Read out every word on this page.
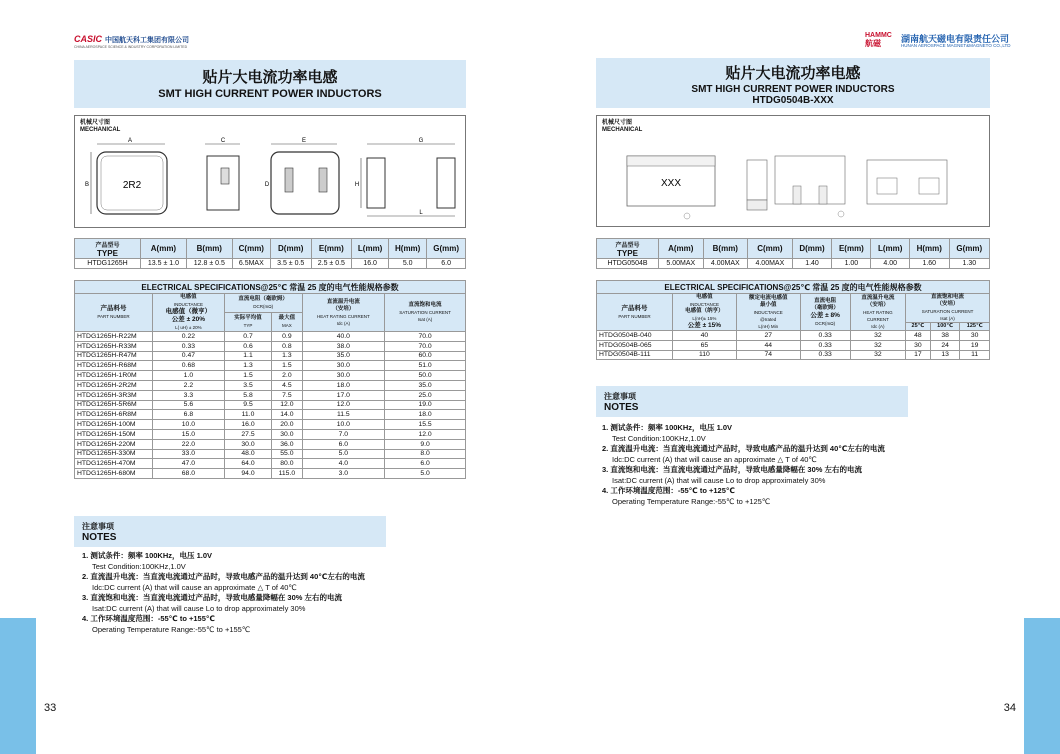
CASIC 中国航天科工集团有限公司
CHINA AEROSPACE SCIENCE & INDUSTRY CORPORATION LIMITED
贴片大电流功率电感
SMT HIGH CURRENT POWER INDUCTORS
机械尺寸图
MECHANICAL
A
2R2
B
C	E
D
G
H
L
产品型号
TYPE	A(mm)	B(mm)	C(mm)	D(mm)	E(mm)	L(mm)	H(mm)	G(mm)
HTDG1265H	13.5 ± 1.0	12.8 ± 0.5	6.5MAX	3.5 ± 0.5	2.5 ± 0.5	16.0	5.0	6.0
ELECTRICAL SPECIFICATIONS@25℃ 常温 25 度的电气性能规格参数					
产品料号

PART NUMBER	电感值
INDUCTANCE
电感值（微亨）
公差 ± 20%
L( uH) ± 20%	直流电阻（毫欧姆）
DCR(mΩ)		直流温升电流
（安培）
HEAT RATING CURRENT
Idc (A)	直流饱和电流
SATURATION CURRENT
Isat (A)

		实际平均值
TYP	最大值
MAX		

HTDG1265H-R22M	0.22	0.7	0.9	40.0	70.0
HTDG1265H-R33M	0.33	0.6	0.8	38.0	70.0
HTDG1265H-R47M	0.47	1.1	1.3	35.0	60.0
HTDG1265H-R68M	0.68	1.3	1.5	30.0	51.0
HTDG1265H-1R0M	1.0	1.5	2.0	30.0	50.0
HTDG1265H-2R2M	2.2	3.5	4.5	18.0	35.0
HTDG1265H-3R3M	3.3	5.8	7.5	17.0	25.0
HTDG1265H-5R6M	5.6	9.5	12.0	12.0	19.0
HTDG1265H-6R8M	6.8	11.0	14.0	11.5	18.0
HTDG1265H-100M	10.0	16.0	20.0	10.0	15.5
HTDG1265H-150M	15.0	27.5	30.0	7.0	12.0
HTDG1265H-220M	22.0	30.0	36.0	6.0	9.0
HTDG1265H-330M	33.0	48.0	55.0	5.0	8.0
HTDG1265H-470M	47.0	64.0	80.0	4.0	6.0
HTDG1265H-680M	68.0	94.0	115.0	3.0	5.0
注意事项
NOTES
1. 测试条件：频率 100KHz，电压 1.0V
Test Condition:100KHz,1.0V
2. 直流温升电流：当直流电流通过产品时，导致电感产品的温升达到 40℃左右的电流
Idc:DC current (A) that will cause an approximate △ T of 40℃
3. 直流饱和电流：当直流电流通过产品时，导致电感量降幅在 30% 左右的电流
Isat:DC current (A) that will cause Lo to drop approximately 30%
4. 工作环境温度范围：-55℃ to +155℃
Operating Temperature Range:-55℃ to +155℃
33
HAMMC
航磁	湖南航天磁电有限责任公司
HUNAN AEROSPACE MAGNET&MAGNETO CO.,LTD
贴片大电流功率电感
SMT HIGH CURRENT POWER INDUCTORS
HTDG0504B-XXX
机械尺寸图
MECHANICAL
XXX
产品型号
TYPE	A(mm)	B(mm)	C(mm)	D(mm)	E(mm)	L(mm)	H(mm)	G(mm)
HTDG0504B	5.00MAX	4.00MAX	4.00MAX	1.40	1.00	4.00	1.60	1.30
ELECTRICAL SPECIFICATIONS@25℃ 常温 25 度的电气性能规格参数							
产品料号

PART NUMBER	电感值
INDUCTANCE
电感值（纳亨）
L(nH)± 15%
公差 ± 15%	额定电流电感值
最小值
INDUCTANCE
@Irated
L(nH) Min	直流电阻
（毫欧姆）
公差 ± 8%
DCR(mΩ)	直流温升电流
（安培）
HEAT RATING
CURRENT
Idc (A)	直流饱和电流
（安培）
SATURATION CURRENT
Isat (A)		

					25℃	100℃	125℃
HTDG0504B-040	40	27	0.33	32	48	38	30
HTDG0504B-065	65	44	0.33	32	30	24	19
HTDG0504B-111	110	74	0.33	32	17	13	11
注意事项
NOTES
1. 测试条件：频率 100KHz，电压 1.0V
Test Condition:100KHz,1.0V
2. 直流温升电流：当直流电流通过产品时，导致电感产品的温升达到 40℃左右的电流
Idc:DC current (A) that will cause an approximate △ T of 40℃
3. 直流饱和电流：当直流电流通过产品时，导致电感量降幅在 30% 左右的电流
Isat:DC current (A) that will cause Lo to drop approximately 30%
4. 工作环境温度范围：-55℃ to +125℃
Operating Temperature Range:-55℃ to +125℃
34
